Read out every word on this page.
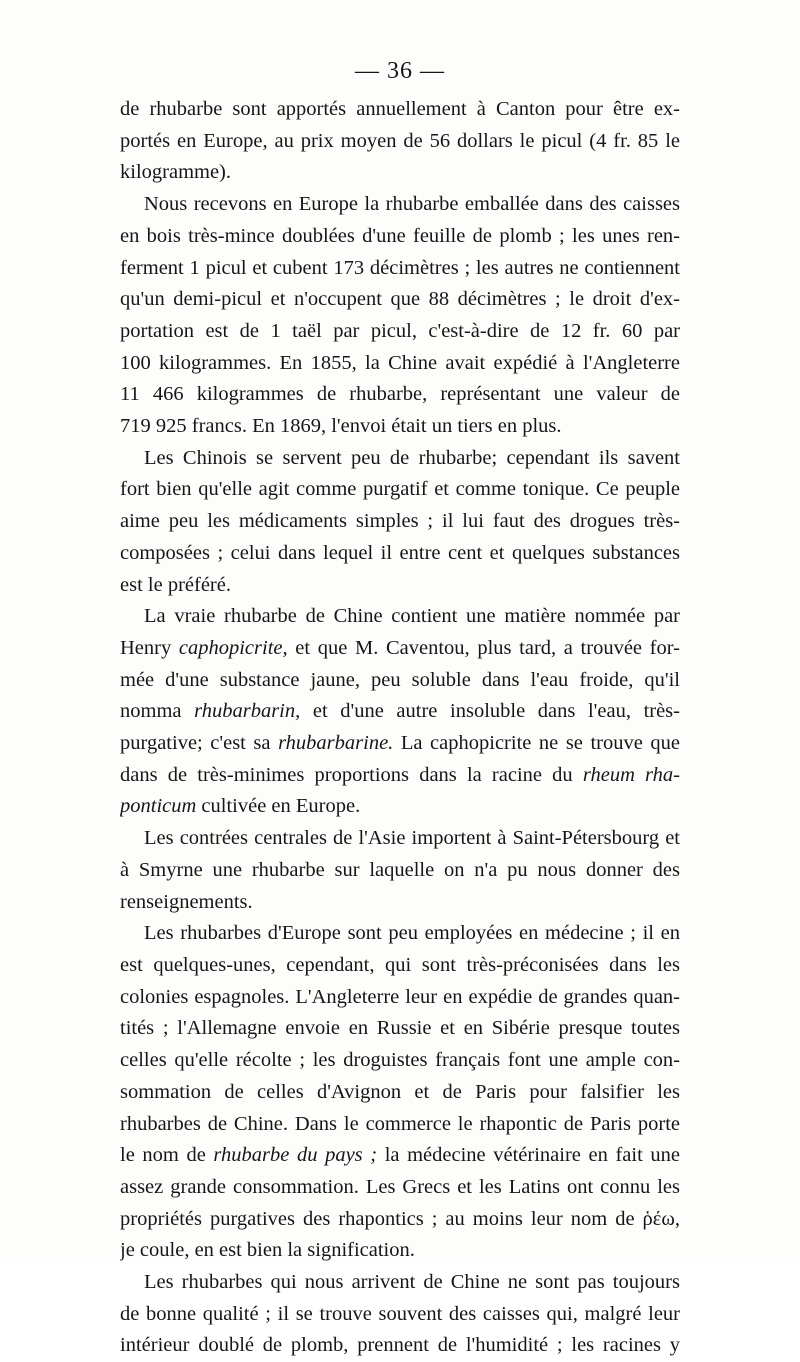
— 36 —
de rhubarbe sont apportés annuellement à Canton pour être ex-
portés en Europe, au prix moyen de 56 dollars le picul (4 fr. 85 le
kilogramme).
Nous recevons en Europe la rhubarbe emballée dans des caisses
en bois très-mince doublées d'une feuille de plomb ; les unes ren-
ferment 1 picul et cubent 173 décimètres ; les autres ne contiennent
qu'un demi-picul et n'occupent que 88 décimètres ; le droit d'ex-
portation est de 1 taël par picul, c'est-à-dire de 12 fr. 60 par
100 kilogrammes. En 1855, la Chine avait expédié à l'Angleterre
11 466 kilogrammes de rhubarbe, représentant une valeur de
719 925 francs. En 1869, l'envoi était un tiers en plus.
Les Chinois se servent peu de rhubarbe; cependant ils savent
fort bien qu'elle agit comme purgatif et comme tonique. Ce peuple
aime peu les médicaments simples ; il lui faut des drogues très-
composées ; celui dans lequel il entre cent et quelques substances
est le préféré.
La vraie rhubarbe de Chine contient une matière nommée par
Henry caphopicrite, et que M. Caventou, plus tard, a trouvée for-
mée d'une substance jaune, peu soluble dans l'eau froide, qu'il
nomma rhubarbarin, et d'une autre insoluble dans l'eau, très-
purgative; c'est sa rhubarbarine. La caphopicrite ne se trouve que
dans de très-minimes proportions dans la racine du rheum rha-
ponticum cultivée en Europe.
Les contrées centrales de l'Asie importent à Saint-Pétersbourg et
à Smyrne une rhubarbe sur laquelle on n'a pu nous donner des
renseignements.
Les rhubarbes d'Europe sont peu employées en médecine ; il en
est quelques-unes, cependant, qui sont très-préconisées dans les
colonies espagnoles. L'Angleterre leur en expédie de grandes quan-
tités ; l'Allemagne envoie en Russie et en Sibérie presque toutes
celles qu'elle récolte ; les droguistes français font une ample con-
sommation de celles d'Avignon et de Paris pour falsifier les
rhubarbes de Chine. Dans le commerce le rhapontic de Paris porte
le nom de rhubarbe du pays ; la médecine vétérinaire en fait une
assez grande consommation. Les Grecs et les Latins ont connu les
propriétés purgatives des rhapontics ; au moins leur nom de ῥέω,
je coule, en est bien la signification.
Les rhubarbes qui nous arrivent de Chine ne sont pas toujours
de bonne qualité ; il se trouve souvent des caisses qui, malgré leur
intérieur doublé de plomb, prennent de l'humidité ; les racines y
